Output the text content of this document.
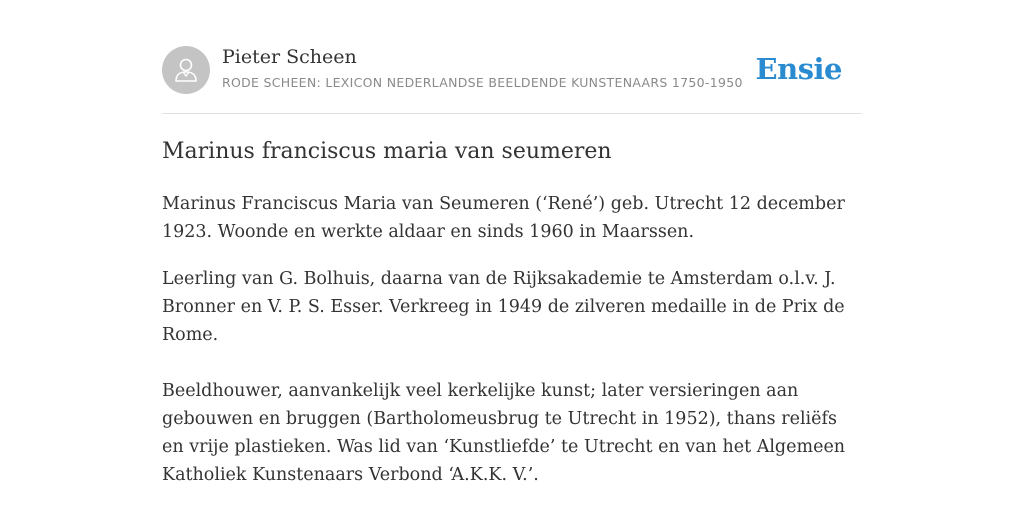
Pieter Scheen
RODE SCHEEN: LEXICON NEDERLANDSE BEELDENDE KUNSTENAARS 1750-1950 Ensie
Marinus franciscus maria van seumeren

Marinus Franciscus Maria van Seumeren (‘René’) geb. Utrecht 12 december 1923. Woonde en werkte aldaar en sinds 1960 in Maarssen.

Leerling van G. Bolhuis, daarna van de Rijksakademie te Amsterdam o.l.v. J. Bronner en V. P. S. Esser. Verkreeg in 1949 de zilveren medaille in de Prix de Rome.

Beeldhouwer, aanvankelijk veel kerkelijke kunst; later versieringen aan gebouwen en bruggen (Bartholomeusbrug te Utrecht in 1952), thans reliëfs en vrije plastieken. Was lid van ‘Kunstliefde’ te Utrecht en van het Algemeen Katholiek Kunstenaars Verbond ‘A.K.K. V.’.
